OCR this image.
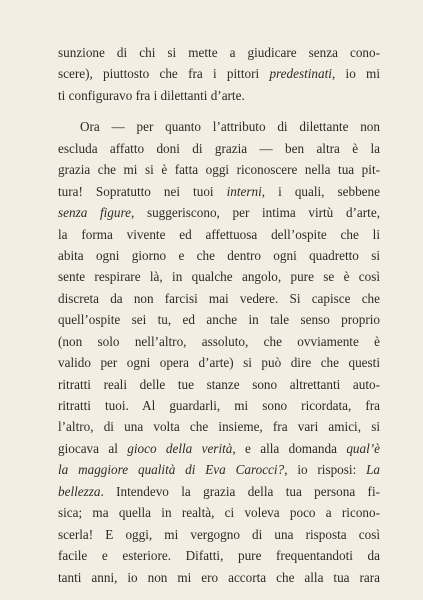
sunzione di chi si mette a giudicare senza cono-
scere), piuttosto che fra i pittori predestinati, io mi
ti configuravo fra i dilettanti d’arte.
Ora — per quanto l’attributo di dilettante non
escluda affatto doni di grazia — ben altra è la
grazia che mi si è fatta oggi riconoscere nella tua pit-
tura! Sopratutto nei tuoi interni, i quali, sebbene
senza figure, suggeriscono, per intima virtù d’arte,
la forma vivente ed affettuosa dell’ospite che li
abita ogni giorno e che dentro ogni quadretto si
sente respirare là, in qualche angolo, pure se è così
discreta da non farcisi mai vedere. Si capisce che
quell’ospite sei tu, ed anche in tale senso proprio
(non solo nell’altro, assoluto, che ovviamente è
valido per ogni opera d’arte) si può dire che questi
ritratti reali delle tue stanze sono altrettanti auto-
ritratti tuoi. Al guardarli, mi sono ricordata, fra
l’altro, di una volta che insieme, fra vari amici, si
giocava al gioco della verità, e alla domanda qual’è
la maggiore qualità di Eva Carocci?, io risposi: La
bellezza. Intendevo la grazia della tua persona fi-
sica; ma quella in realtà, ci voleva poco a ricono-
scerla! E oggi, mi vergogno di una risposta così
facile e esteriore. Difatti, pure frequentandoti da
tanti anni, io non mi ero accorta che alla tua rara
